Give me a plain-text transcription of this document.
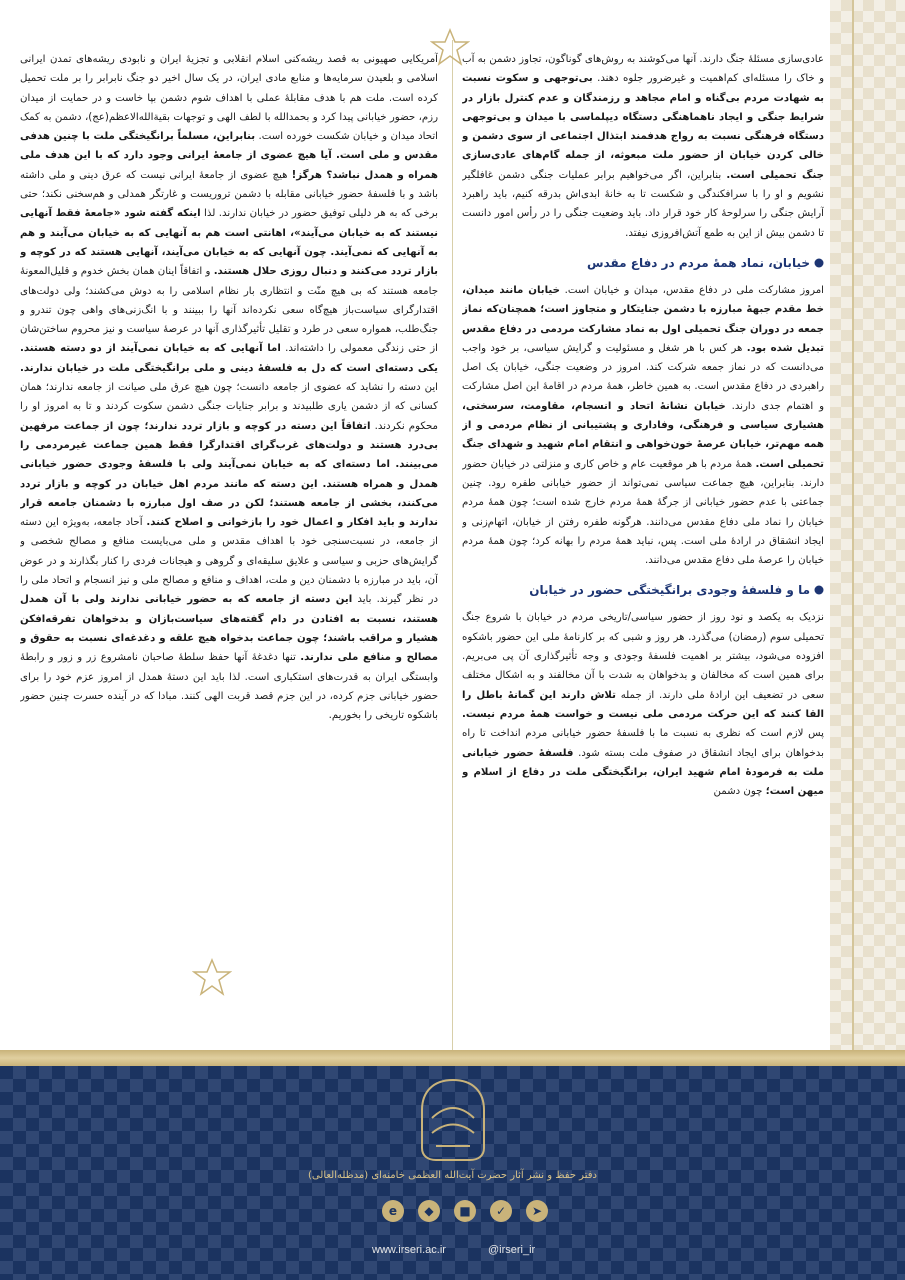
عادی‌سازی مسئلهٔ جنگ دارند. آنها می‌کوشند به روش‌های گوناگون، تجاوز دشمن به آب و خاک را مسئله‌ای کم‌اهمیت و غیرضرور جلوه دهند. بی‌توجهی و سکوت نسبت به شهادت مردم بی‌گناه و امام مجاهد و رزمندگان و عدم کنترل بازار در شرایط جنگی و ایجاد ناهماهنگی دستگاه دیپلماسی با میدان و بی‌توجهی دستگاه فرهنگی نسبت به رواج هدفمند ابتذال اجتماعی از سوی دشمن و خالی کردن خیابان از حضور ملت مبعوثه، از جمله گام‌های عادی‌سازی جنگ تحمیلی است. بنابراین، اگر می‌خواهیم برابر عملیات جنگی دشمن غافلگیر نشویم و او را با سرافکندگی و شکست تا به خانهٔ ابدی‌اش بدرقه کنیم، باید راهبرد آرایش جنگی را سرلوحهٔ کار خود قرار داد. باید وضعیت جنگی را در رأس امور دانست تا دشمن بیش از این به طمع آتش‌افروزی نیفتد.

خیابان، نماد همهٔ مردم در دفاع مقدس

امروز مشارکت ملی در دفاع مقدس، میدان و خیابان است. خیابان مانند میدان، خط مقدم جبههٔ مبارزه با دشمن جنایتکار و متجاوز است؛ همچنان‌که نماز جمعه در دوران جنگ تحمیلی اول به نماد مشارکت مردمی در دفاع مقدس تبدیل شده بود. هر کس با هر شغل و مسئولیت و گرایش سیاسی، بر خود واجب می‌دانست که در نماز جمعه شرکت کند. امروز در وضعیت جنگی، خیابان یک اصل راهبردی در دفاع مقدس است. به همین خاطر، همهٔ مردم در اقامهٔ این اصل مشارکت و اهتمام جدی دارند. خیابان نشانهٔ اتحاد و انسجام، مقاومت، سرسختی، هشیاری سیاسی و فرهنگی، وفاداری و پشتیبانی از نظام مردمی و از همه مهم‌تر، خیابان عرصهٔ خون‌خواهی و انتقام امام شهید و شهدای جنگ تحمیلی است. همهٔ مردم با هر موقعیت عام و خاص کاری و منزلتی در خیابان حضور دارند. بنابراین، هیچ جماعت سیاسی نمی‌تواند از حضور خیابانی طفره رود. چنین جماعتی با عدم حضور خیابانی از جرگهٔ همهٔ مردم خارج شده است؛ چون همهٔ مردم خیابان را نماد ملی دفاع مقدس می‌دانند. هرگونه طفره رفتن از خیابان، اتهام‌زنی و ایجاد انشقاق در ارادهٔ ملی است. پس، نباید همهٔ مردم را بهانه کرد؛ چون همهٔ مردم خیابان را عرصهٔ ملی دفاع مقدس می‌دانند.

ما و فلسفهٔ وجودی برانگیختگی حضور در خیابان

نزدیک به یکصد و نود روز از حضور سیاسی/تاریخی مردم در خیابان با شروع جنگ تحمیلی سوم (رمضان) می‌گذرد. هر روز و شبی که بر کارنامهٔ ملی این حضور باشکوه افزوده می‌شود، بیشتر بر اهمیت فلسفهٔ وجودی و وجه تأثیرگذاری آن پی می‌بریم. برای همین است که مخالفان و بدخواهان به شدت با آن مخالفند و به اشکال مختلف سعی در تضعیف این ارادهٔ ملی دارند. از جمله تلاش دارند این گمانهٔ باطل را القا کنند که این حرکت مردمی ملی نیست و خواست همهٔ مردم نیست. پس لازم است که نظری به نسبت ما با فلسفهٔ حضور خیابانی مردم انداخت تا راه بدخواهان برای ایجاد انشقاق در صفوف ملت بسته شود. فلسفهٔ حضور خیابانی ملت به فرمودهٔ امام شهید ایران، برانگیختگی ملت در دفاع از اسلام و میهن است؛ چون دشمن

آمریکایی صهیونی به قصد ریشه‌کنی اسلام انقلابی و تجزیهٔ ایران و نابودی ریشه‌های تمدن ایرانی اسلامی و بلعیدن سرمایه‌ها و منابع مادی ایران، در یک سال اخیر دو جنگ نابرابر را بر ملت تحمیل کرده است. ملت هم با هدف مقابلهٔ عملی با اهداف شوم دشمن بپا خاست و در حمایت از میدان رزم، حضور خیابانی پیدا کرد و بحمدالله با لطف الهی و توجهات بقیةالله‌الاعظم(عج)، دشمن به کمک اتحاد میدان و خیابان شکست خورده است. بنابراین، مسلماً برانگیختگی ملت با چنین هدفی مقدس و ملی است. آیا هیچ عضوی از جامعهٔ ایرانی وجود دارد که با این هدف ملی همراه و همدل نباشد؟ هرگز! هیچ عضوی از جامعهٔ ایرانی نیست که عرق دینی و ملی داشته باشد و با فلسفهٔ حضور خیابانی مقابله با دشمن تروریست و غارتگر همدلی و هم‌سخنی نکند؛ حتی برخی که به هر دلیلی توفیق حضور در خیابان ندارند. لذا اینکه گفته شود «جامعهٔ فقط آنهایی نیستند که به خیابان می‌آیند»، اهانتی است هم به آنهایی که به خیابان می‌آیند و هم به آنهایی که نمی‌آیند. چون آنهایی که به خیابان می‌آیند، آنهایی هستند که در کوچه و بازار تردد می‌کنند و دنبال روزی حلال هستند. و اتفاقاً اینان همان بخش خدوم و قلیل‌المعونهٔ جامعه هستند که بی هیچ منّت و انتظاری بار نظام اسلامی را به دوش می‌کشند؛ ولی دولت‌های اقتدارگرای سیاست‌باز هیچ‌گاه سعی نکرده‌اند آنها را ببینند و با انگ‌زنی‌های واهی چون تندرو و جنگ‌طلب، همواره سعی در طرد و تقلیل تأثیرگذاری آنها در عرصهٔ سیاست و نیز محروم ساختن‌شان از حتی زندگی معمولی را داشته‌اند. اما آنهایی که به خیابان نمی‌آیند از دو دسته هستند. یکی دسته‌ای است که دل به فلسفهٔ دینی و ملی برانگیختگی ملت در خیابان ندارند. این دسته را نشاید که عضوی از جامعه دانست؛ چون هیچ عرق ملی صیانت از جامعه ندارند؛ همان کسانی که از دشمن یاری طلبیدند و برابر جنایات جنگی دشمن سکوت کردند و تا به امروز او را محکوم نکردند. اتفاقاً این دسته در کوچه و بازار تردد ندارند؛ چون از جماعت مرفهین بی‌درد هستند و دولت‌های غرب‌گرای اقتدارگرا فقط همین جماعت غیرمردمی را می‌بینند. اما دسته‌ای که به خیابان نمی‌آیند ولی با فلسفهٔ وجودی حضور خیابانی همدل و همراه هستند. این دسته که مانند مردم اهل خیابان در کوچه و بازار تردد می‌کنند، بخشی از جامعه هستند؛ لکن در صف اول مبارزه با دشمنان جامعه قرار ندارند و باید افکار و اعمال خود را بازخوانی و اصلاح کنند. آحاد جامعه، به‌ویژه این دسته از جامعه، در نسبت‌سنجی خود با اهداف مقدس و ملی می‌بایست منافع و مصالح شخصی و گرایش‌های حزبی و سیاسی و علایق سلیقه‌ای و گروهی و هیجانات فردی را کنار بگذارند و در عوض آن، باید در مبارزه با دشمنان دین و ملت، اهداف و منافع و مصالح ملی و نیز انسجام و اتحاد ملی را در نظر گیرند. باید این دسته از جامعه که به حضور خیابانی ندارند ولی با آن همدل هستند، نسبت به افتادن در دام گفته‌های سیاست‌بازان و بدخواهان تفرقه‌افکن هشیار و مراقب باشند؛ چون جماعت بدخواه هیچ علقه و دغدغه‌ای نسبت به حقوق و مصالح و منافع ملی ندارند. تنها دغدغهٔ آنها حفظ سلطهٔ صاحبان نامشروع زر و زور و رابطهٔ وابستگی ایران به قدرت‌های استکباری است. لذا باید این دستهٔ همدل از امروز عزم خود را برای حضور خیابانی جزم کرده، در این جزم قصد قربت الهی کنند. مبادا که در آینده حسرت چنین حضور باشکوه تاریخی را بخوریم.

دفتر حفظ و نشر آثار حضرت آیت‌الله العظمی خامنه‌ای (مدظله‌العالی)
e	◆	■	✓	➤
www.irseri.ac.ir	@irseri_ir
